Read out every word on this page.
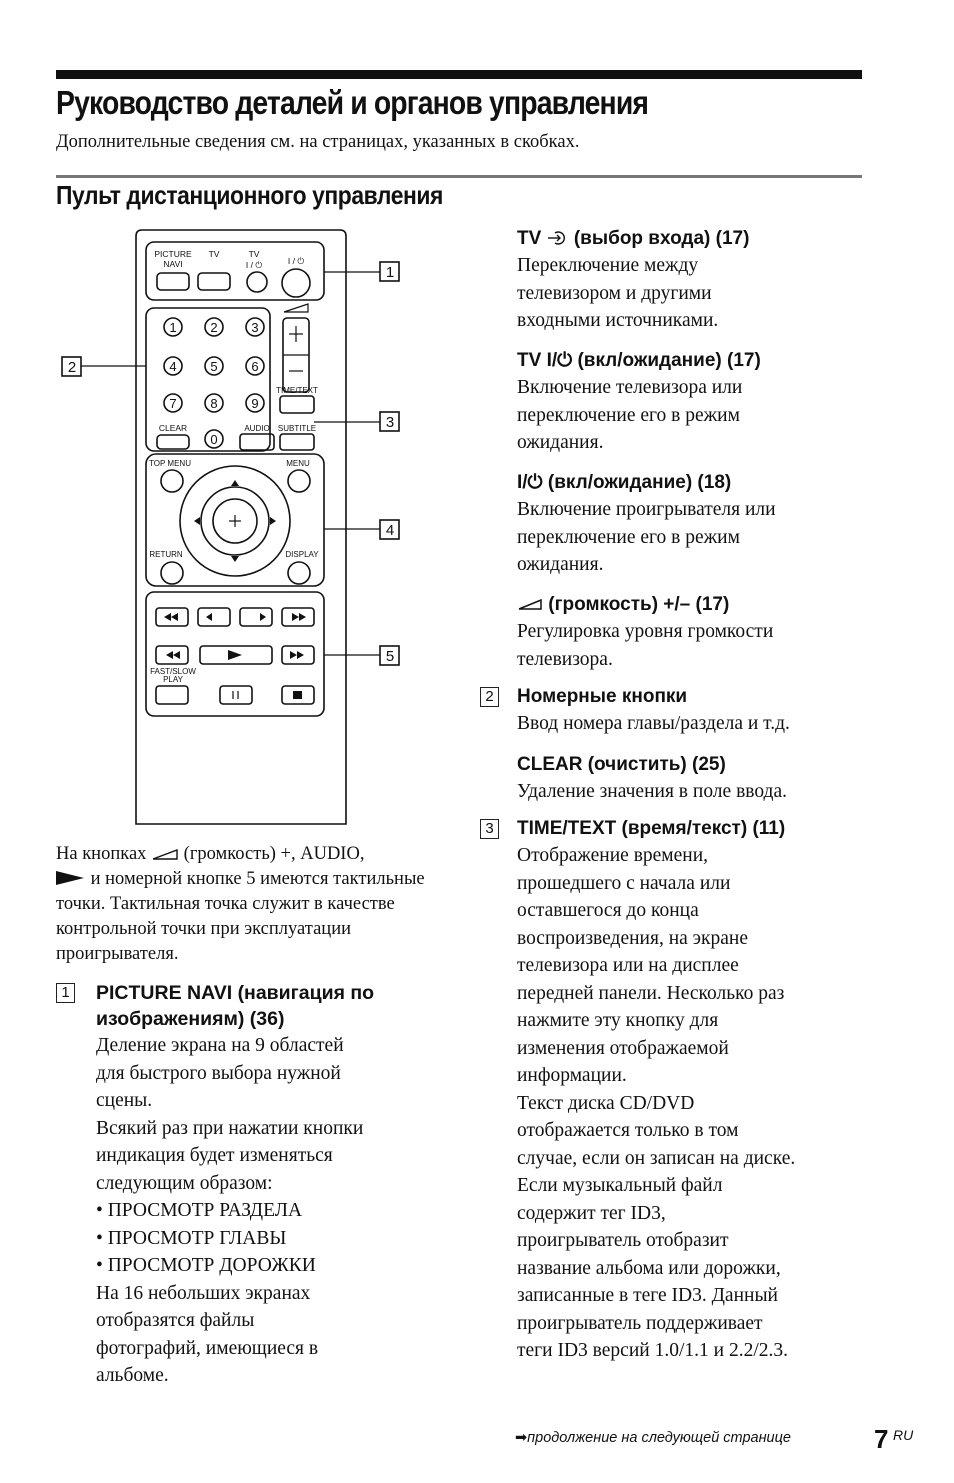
Руководство деталей и органов управления
Дополнительные сведения см. на страницах, указанных в скобках.
Пульт дистанционного управления
PICTURE
NAVI
TV	TV
I / ⏻	I / ⏻
CLEAR
TIME/TEXT
AUDIO SUBTITLE
TOP MENU	MENU
RETURN	DISPLAY
FAST/SLOW
PLAY
1	2	3
4	5	6
7	8	9
0
1
2
3
4
5
На кнопках (громкость) +, AUDIO,
и номерной кнопке 5 имеются тактильные точки. Тактильная точка служит в качестве контрольной точки при эксплуатации проигрывателя.
1 PICTURE NAVI (навигация по изображениям) (36)
Деление экрана на 9 областей
для быстрого выбора нужной
сцены.
Всякий раз при нажатии кнопки
индикация будет изменяться
следующим образом:
• ПРОСМОТР РАЗДЕЛА
• ПРОСМОТР ГЛАВЫ
• ПРОСМОТР ДОРОЖКИ
На 16 небольших экранах
отобразятся файлы
фотографий, имеющиеся в
альбоме.
TV (выбор входа) (17)
Переключение между
телевизором и другими
входными источниками.
TV I/⏻ (вкл/ожидание) (17)
Включение телевизора или
переключение его в режим
ожидания.
I/⏻ (вкл/ожидание) (18)
Включение проигрывателя или
переключение его в режим
ожидания.
(громкость) +/– (17)
Регулировка уровня громкости
телевизора.
2 Номерные кнопки
Ввод номера главы/раздела и т.д.
CLEAR (очистить) (25)
Удаление значения в поле ввода.
3 TIME/TEXT (время/текст) (11)
Отображение времени,
прошедшего с начала или
оставшегося до конца
воспроизведения, на экране
телевизора или на дисплее
передней панели. Несколько раз
нажмите эту кнопку для
изменения отображаемой
информации.
Текст диска CD/DVD
отображается только в том
случае, если он записан на диске.
Если музыкальный файл
содержит тег ID3,
проигрыватель отобразит
название альбома или дорожки,
записанные в теге ID3. Данный
проигрыватель поддерживает
теги ID3 версий 1.0/1.1 и 2.2/2.3.
➡продолжение на следующей странице	7 RU
